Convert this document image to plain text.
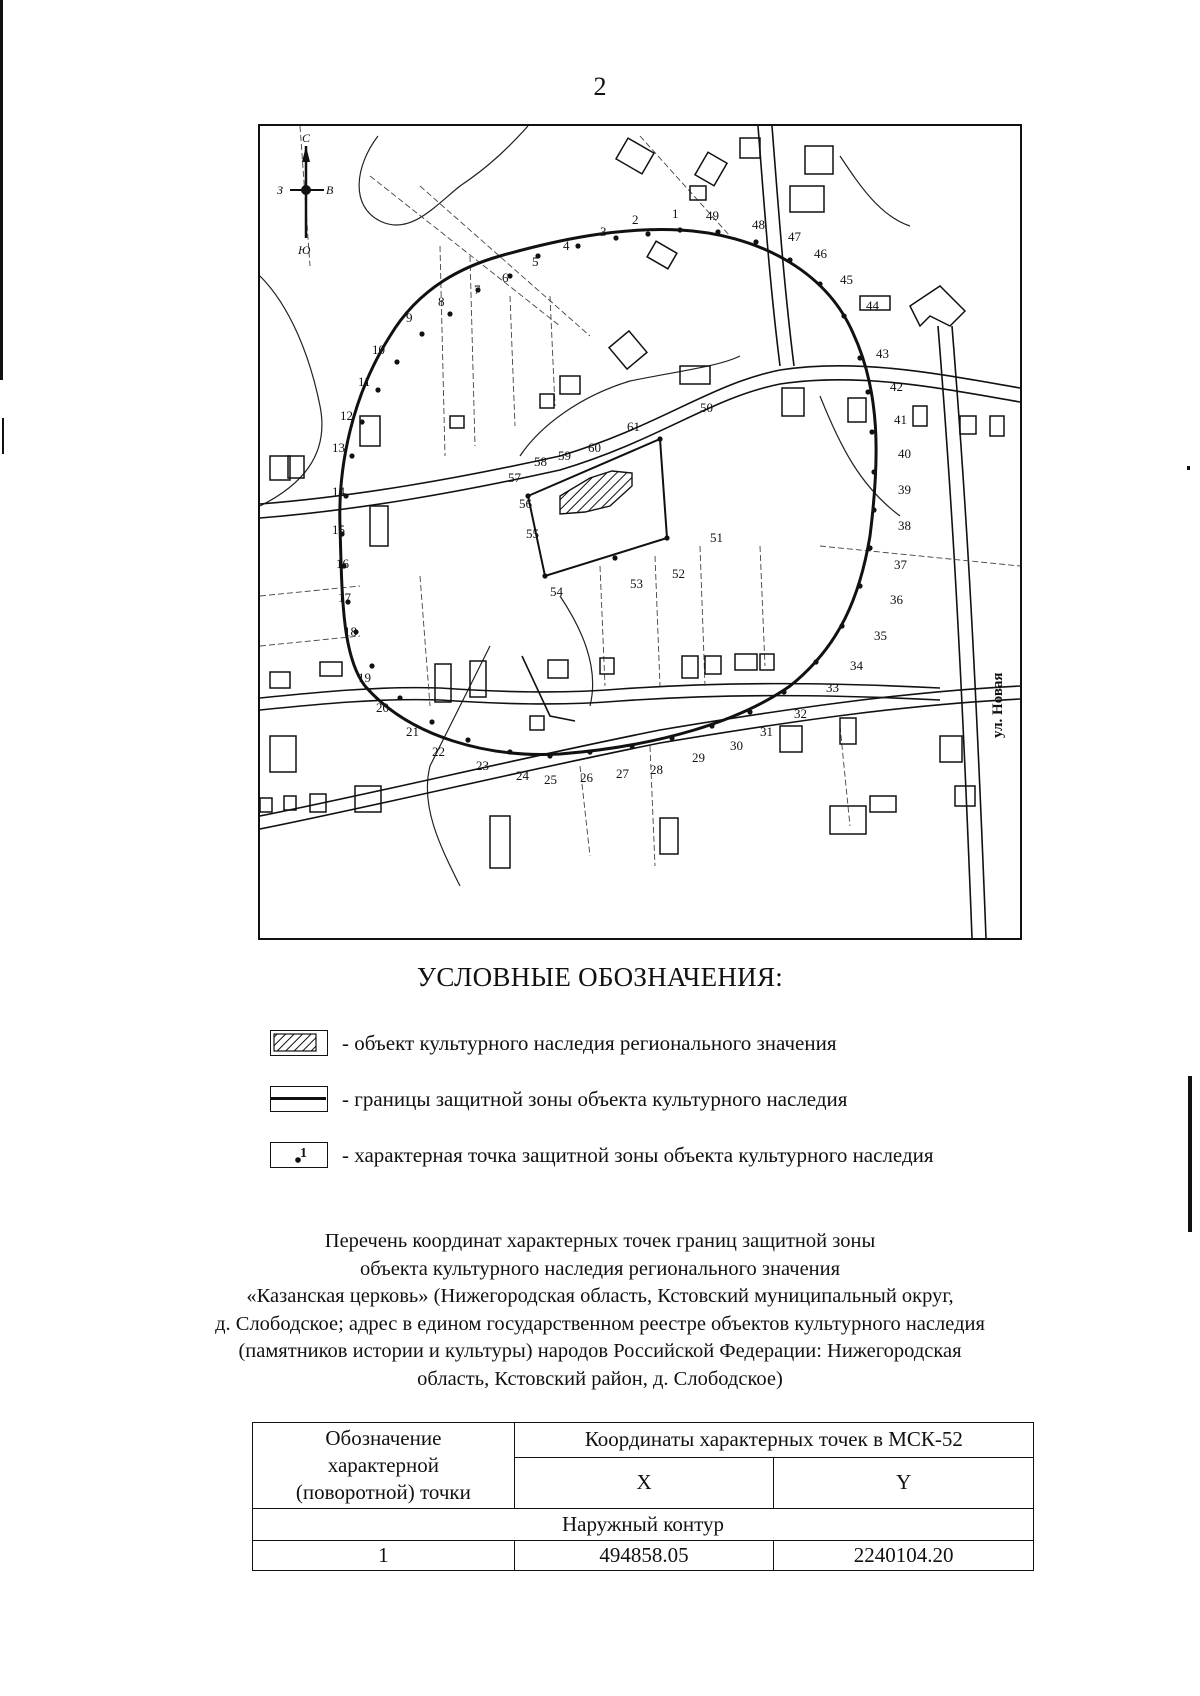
2
С
З	В
Ю
ул. Новая
1
2
3
4
5
6
7
8
9
10
11
12
13
14
15
16
17
18
19
20
21
22
23
24 25 26 27 28
29
30
31
32
33
34
35
36
37
38
39
40
41
42
43
44
45
46
47
48
49
50
51
52
53
54
55
56
57
58 59
60
61
УСЛОВНЫЕ ОБОЗНАЧЕНИЯ:
- объект культурного наследия регионального значения
- границы защитной зоны объекта культурного наследия
1 - характерная точка защитной зоны объекта культурного наследия
Перечень координат характерных точек границ защитной зоны
объекта культурного наследия регионального значения
«Казанская церковь» (Нижегородская область, Кстовский муниципальный округ,
д. Слободское; адрес в едином государственном реестре объектов культурного наследия
(памятников истории и культуры) народов Российской Федерации: Нижегородская
область, Кстовский район, д. Слободское)
Обозначение характерной (поворотной) точки	Координаты характерных точек в МСК-52	
	X	Y
Наружный контур		
1	494858.05	2240104.20
